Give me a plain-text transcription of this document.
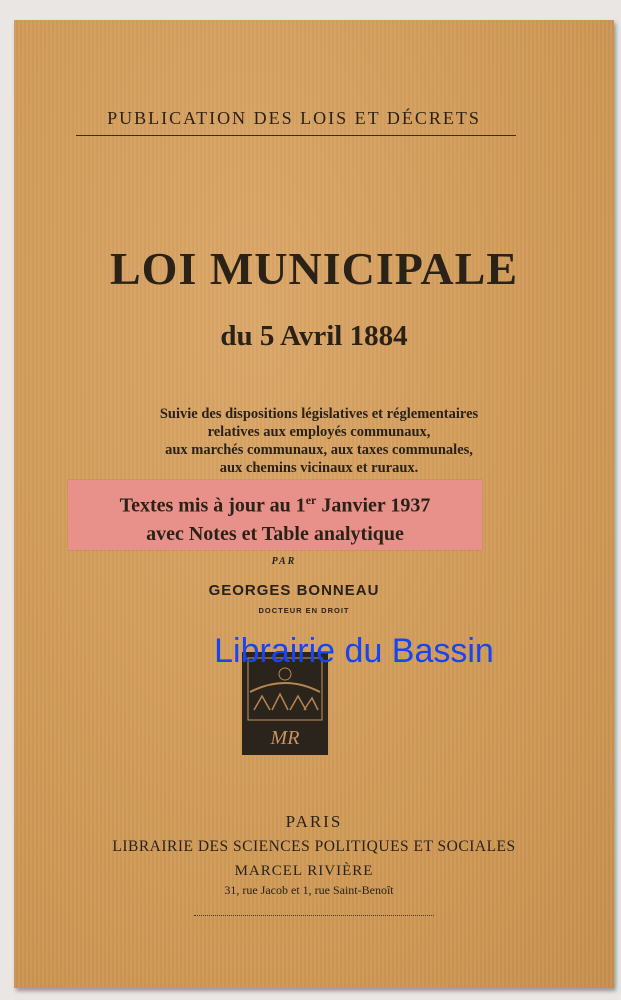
PUBLICATION DES LOIS ET DÉCRETS
LOI MUNICIPALE
du 5 Avril 1884
Suivie des dispositions législatives et réglementaires
relatives aux employés communaux,
aux marchés communaux, aux taxes communales,
aux chemins vicinaux et ruraux.
Textes mis à jour au 1er Janvier 1937
avec Notes et Table analytique
PAR
GEORGES BONNEAU
DOCTEUR EN DROIT
MR
PARIS
LIBRAIRIE DES SCIENCES POLITIQUES ET SOCIALES
MARCEL RIVIÈRE
31, rue Jacob et 1, rue Saint-Benoît
Librairie du Bassin
